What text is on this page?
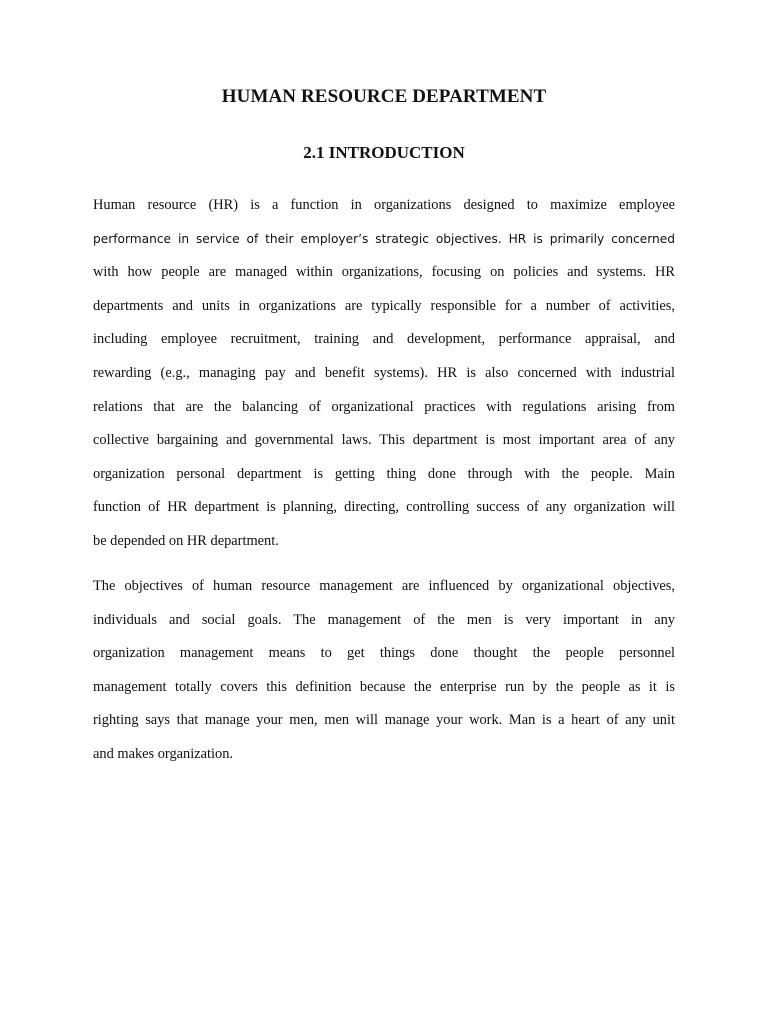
HUMAN RESOURCE DEPARTMENT
2.1 INTRODUCTION
Human resource (HR) is a function in organizations designed to maximize employee
performance in service of their employer’s strategic objectives. HR is primarily concerned
with how people are managed within organizations, focusing on policies and systems. HR
departments and units in organizations are typically responsible for a number of activities,
including employee recruitment, training and development, performance appraisal, and
rewarding (e.g., managing pay and benefit systems). HR is also concerned with industrial
relations that are the balancing of organizational practices with regulations arising from
collective bargaining and governmental laws. This department is most important area of any
organization personal department is getting thing done through with the people. Main
function of HR department is planning, directing, controlling success of any organization will
be depended on HR department.
The objectives of human resource management are influenced by organizational objectives,
individuals and social goals. The management of the men is very important in any
organization management means to get things done thought the people personnel
management totally covers this definition because the enterprise run by the people as it is
righting says that manage your men, men will manage your work. Man is a heart of any unit
and makes organization.
